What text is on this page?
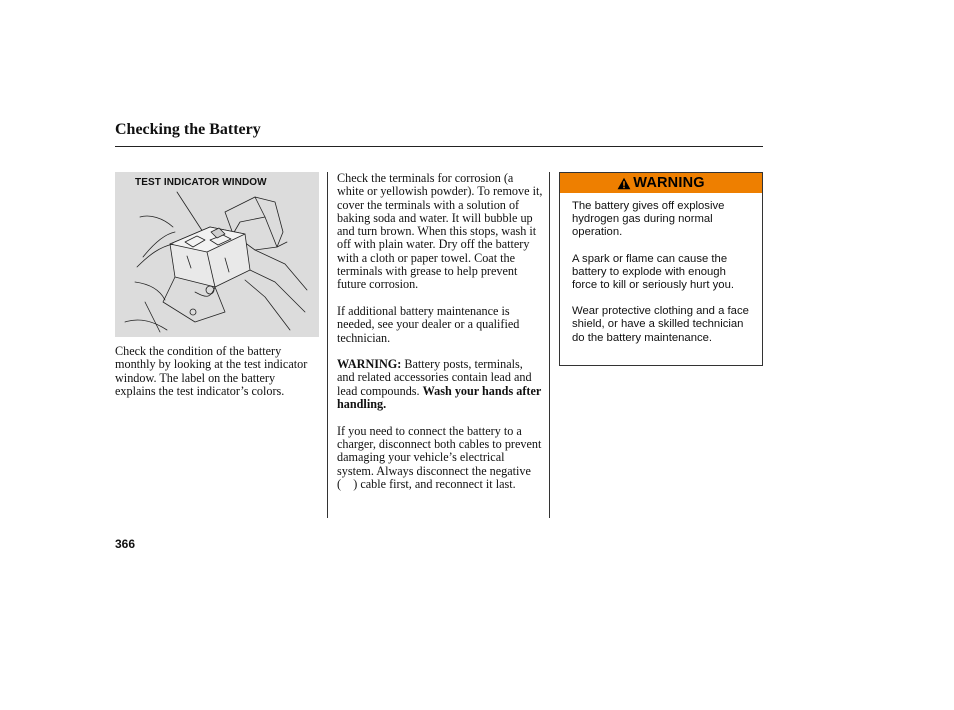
Checking the Battery
TEST INDICATOR WINDOW

Check the condition of the battery monthly by looking at the test indicator window. The label on the battery explains the test indicator’s colors.

Check the terminals for corrosion (a white or yellowish powder). To remove it, cover the terminals with a solution of baking soda and water. It will bubble up and turn brown. When this stops, wash it off with plain water. Dry off the battery with a cloth or paper towel. Coat the terminals with grease to help prevent future corrosion.

If additional battery maintenance is needed, see your dealer or a qualified technician.

WARNING: Battery posts, terminals, and related accessories contain lead and lead compounds. Wash your hands after handling.

If you need to connect the battery to a charger, disconnect both cables to prevent damaging your vehicle’s electrical system. Always disconnect the negative ( ) cable first, and reconnect it last.

WARNING

The battery gives off explosive hydrogen gas during normal operation.

A spark or flame can cause the battery to explode with enough force to kill or seriously hurt you.

Wear protective clothing and a face shield, or have a skilled technician do the battery maintenance.

366
